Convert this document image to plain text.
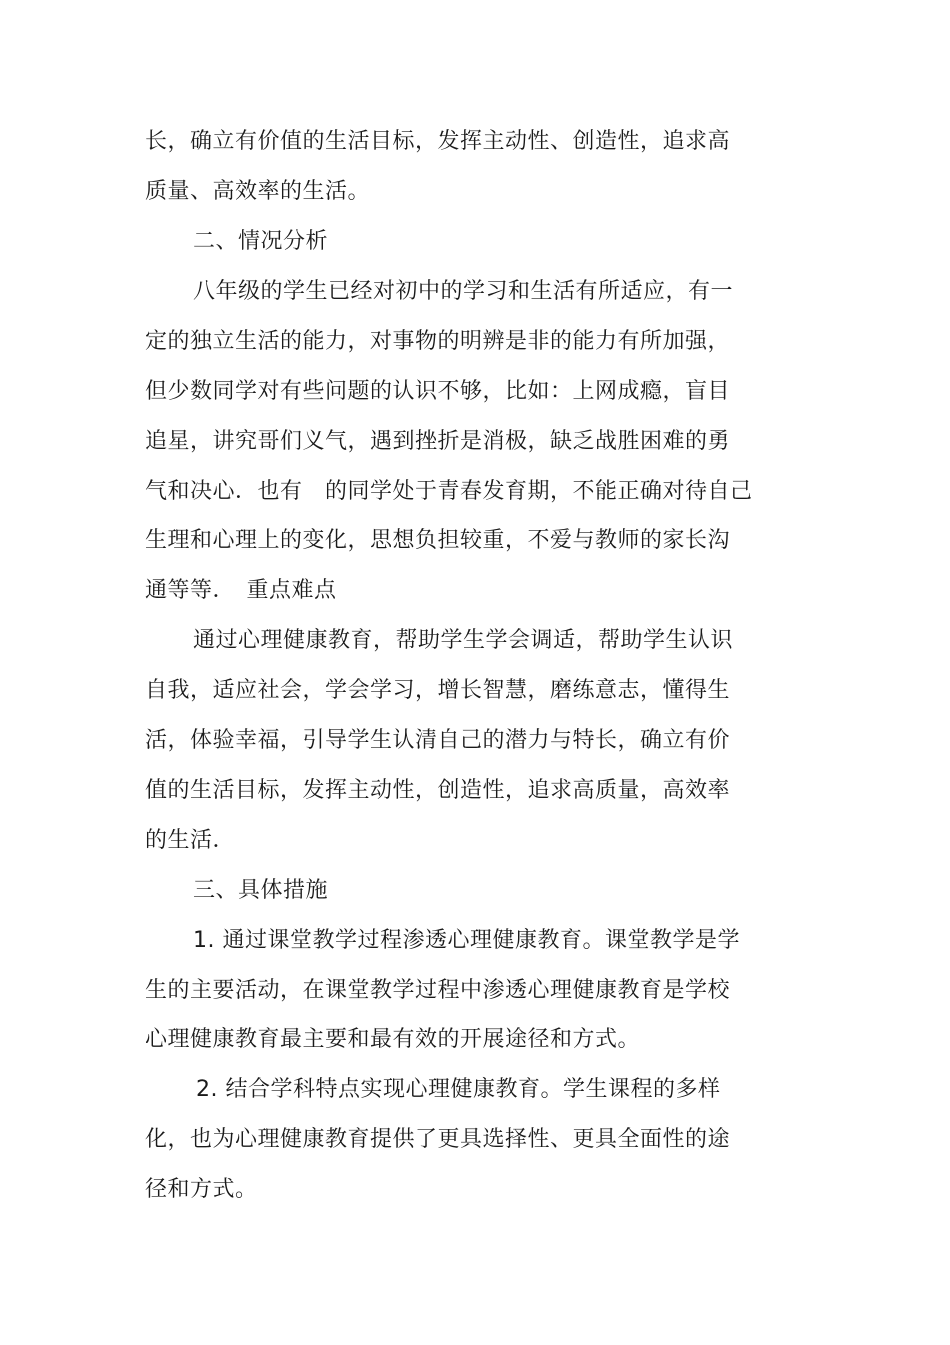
长，确立有价值的生活目标，发挥主动性、创造性，追求高
质量、高效率的生活。
二、情况分析
八年级的学生已经对初中的学习和生活有所适应，有一
定的独立生活的能力，对事物的明辨是非的能力有所加强，
但少数同学对有些问题的认识不够，比如：上网成瘾，盲目
追星，讲究哥们义气，遇到挫折是消极，缺乏战胜困难的勇
气和决心．也有　的同学处于青春发育期，不能正确对待自己
生理和心理上的变化，思想负担较重，不爱与教师的家长沟
通等等．　重点难点
通过心理健康教育，帮助学生学会调适，帮助学生认识
自我，适应社会，学会学习，增长智慧，磨练意志，懂得生
活，体验幸福，引导学生认清自己的潜力与特长，确立有价
值的生活目标，发挥主动性，创造性，追求高质量，高效率
的生活．
三、具体措施
1. 通过课堂教学过程渗透心理健康教育。课堂教学是学
生的主要活动，在课堂教学过程中渗透心理健康教育是学校
心理健康教育最主要和最有效的开展途径和方式。
2. 结合学科特点实现心理健康教育。学生课程的多样
化，也为心理健康教育提供了更具选择性、更具全面性的途
径和方式。
